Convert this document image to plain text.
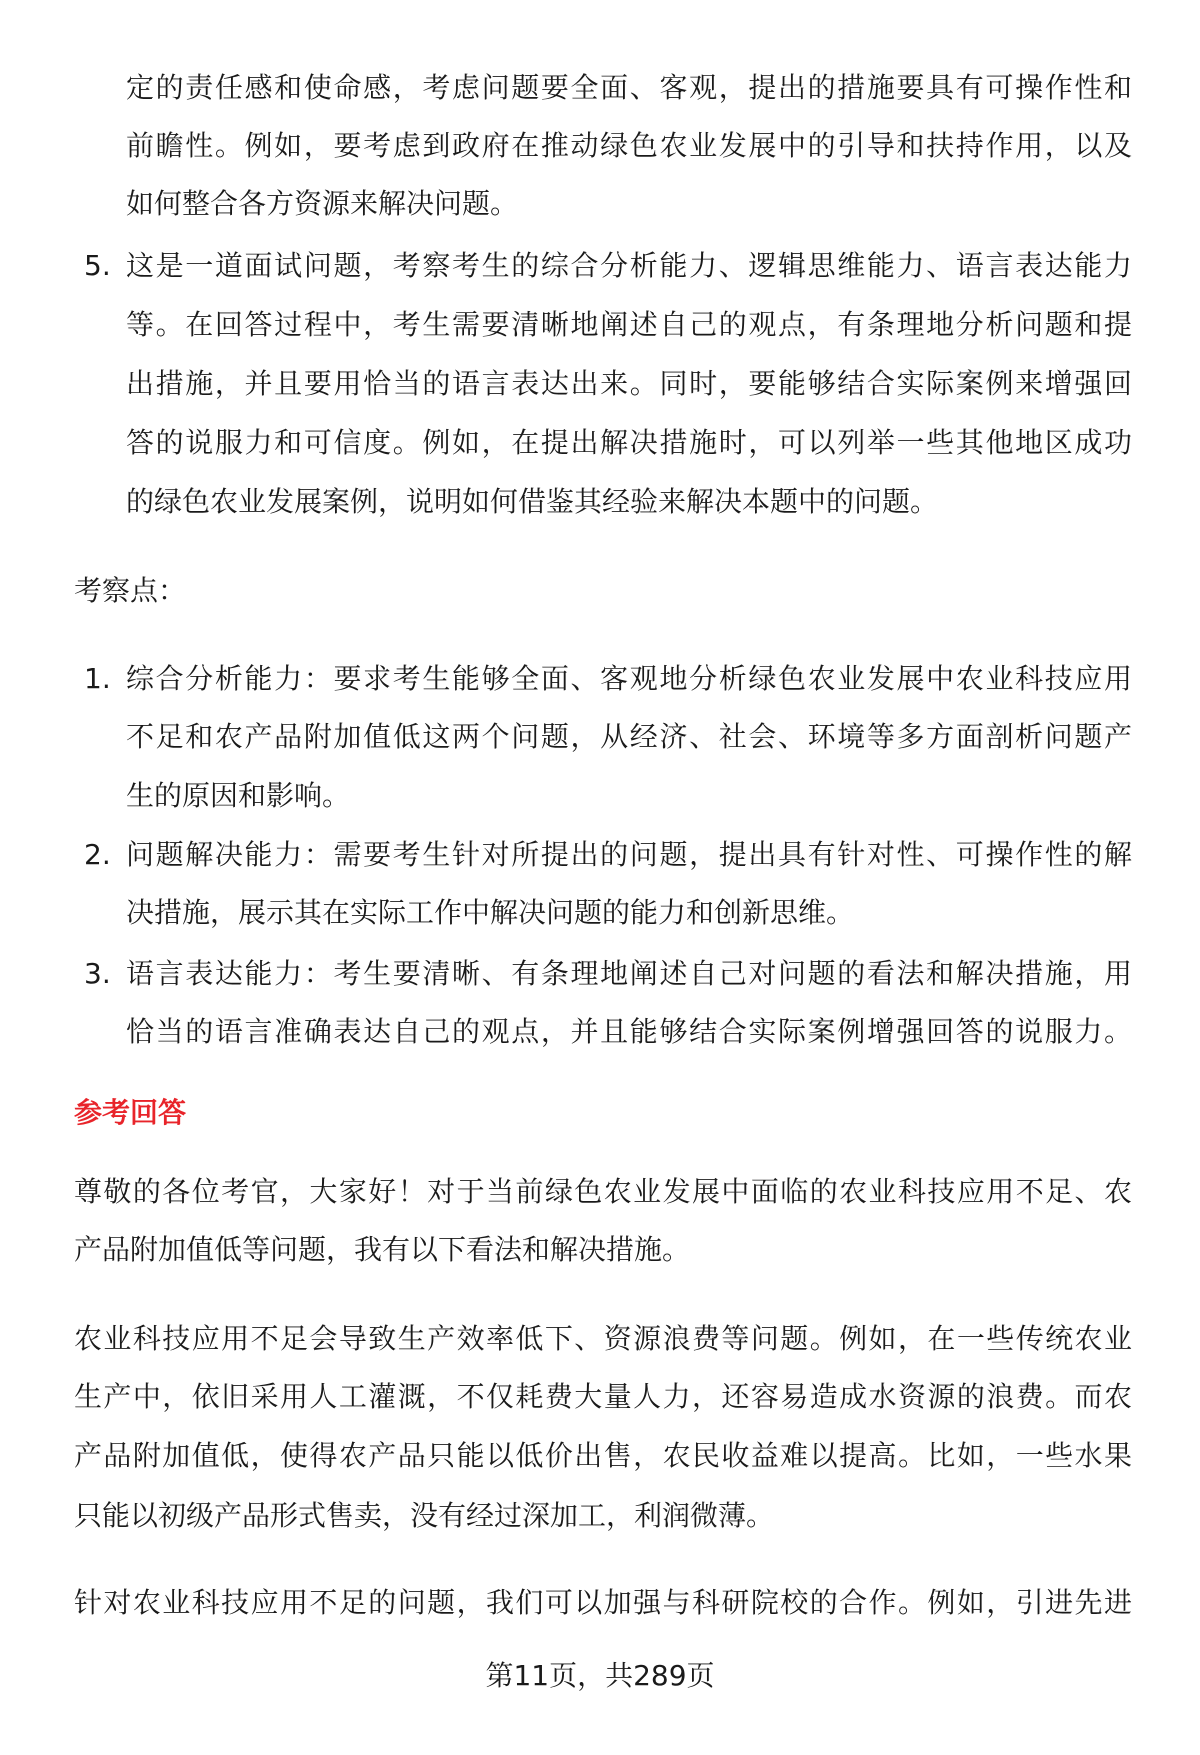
定的责任感和使命感，考虑问题要全面、客观，提出的措施要具有可操作性和
前瞻性。例如，要考虑到政府在推动绿色农业发展中的引导和扶持作用，以及
如何整合各方资源来解决问题。
5. 这是一道面试问题，考察考生的综合分析能力、逻辑思维能力、语言表达能力
等。在回答过程中，考生需要清晰地阐述自己的观点，有条理地分析问题和提
出措施，并且要用恰当的语言表达出来。同时，要能够结合实际案例来增强回
答的说服力和可信度。例如，在提出解决措施时，可以列举一些其他地区成功
的绿色农业发展案例，说明如何借鉴其经验来解决本题中的问题。
考察点：
1. 综合分析能力：要求考生能够全面、客观地分析绿色农业发展中农业科技应用
不足和农产品附加值低这两个问题，从经济、社会、环境等多方面剖析问题产
生的原因和影响。
2. 问题解决能力：需要考生针对所提出的问题，提出具有针对性、可操作性的解
决措施，展示其在实际工作中解决问题的能力和创新思维。
3. 语言表达能力：考生要清晰、有条理地阐述自己对问题的看法和解决措施，用
恰当的语言准确表达自己的观点，并且能够结合实际案例增强回答的说服力。
参考回答
尊敬的各位考官，大家好！对于当前绿色农业发展中面临的农业科技应用不足、农
产品附加值低等问题，我有以下看法和解决措施。
农业科技应用不足会导致生产效率低下、资源浪费等问题。例如，在一些传统农业
生产中，依旧采用人工灌溉，不仅耗费大量人力，还容易造成水资源的浪费。而农
产品附加值低，使得农产品只能以低价出售，农民收益难以提高。比如，一些水果
只能以初级产品形式售卖，没有经过深加工，利润微薄。
针对农业科技应用不足的问题，我们可以加强与科研院校的合作。例如，引进先进
第11页，共289页
